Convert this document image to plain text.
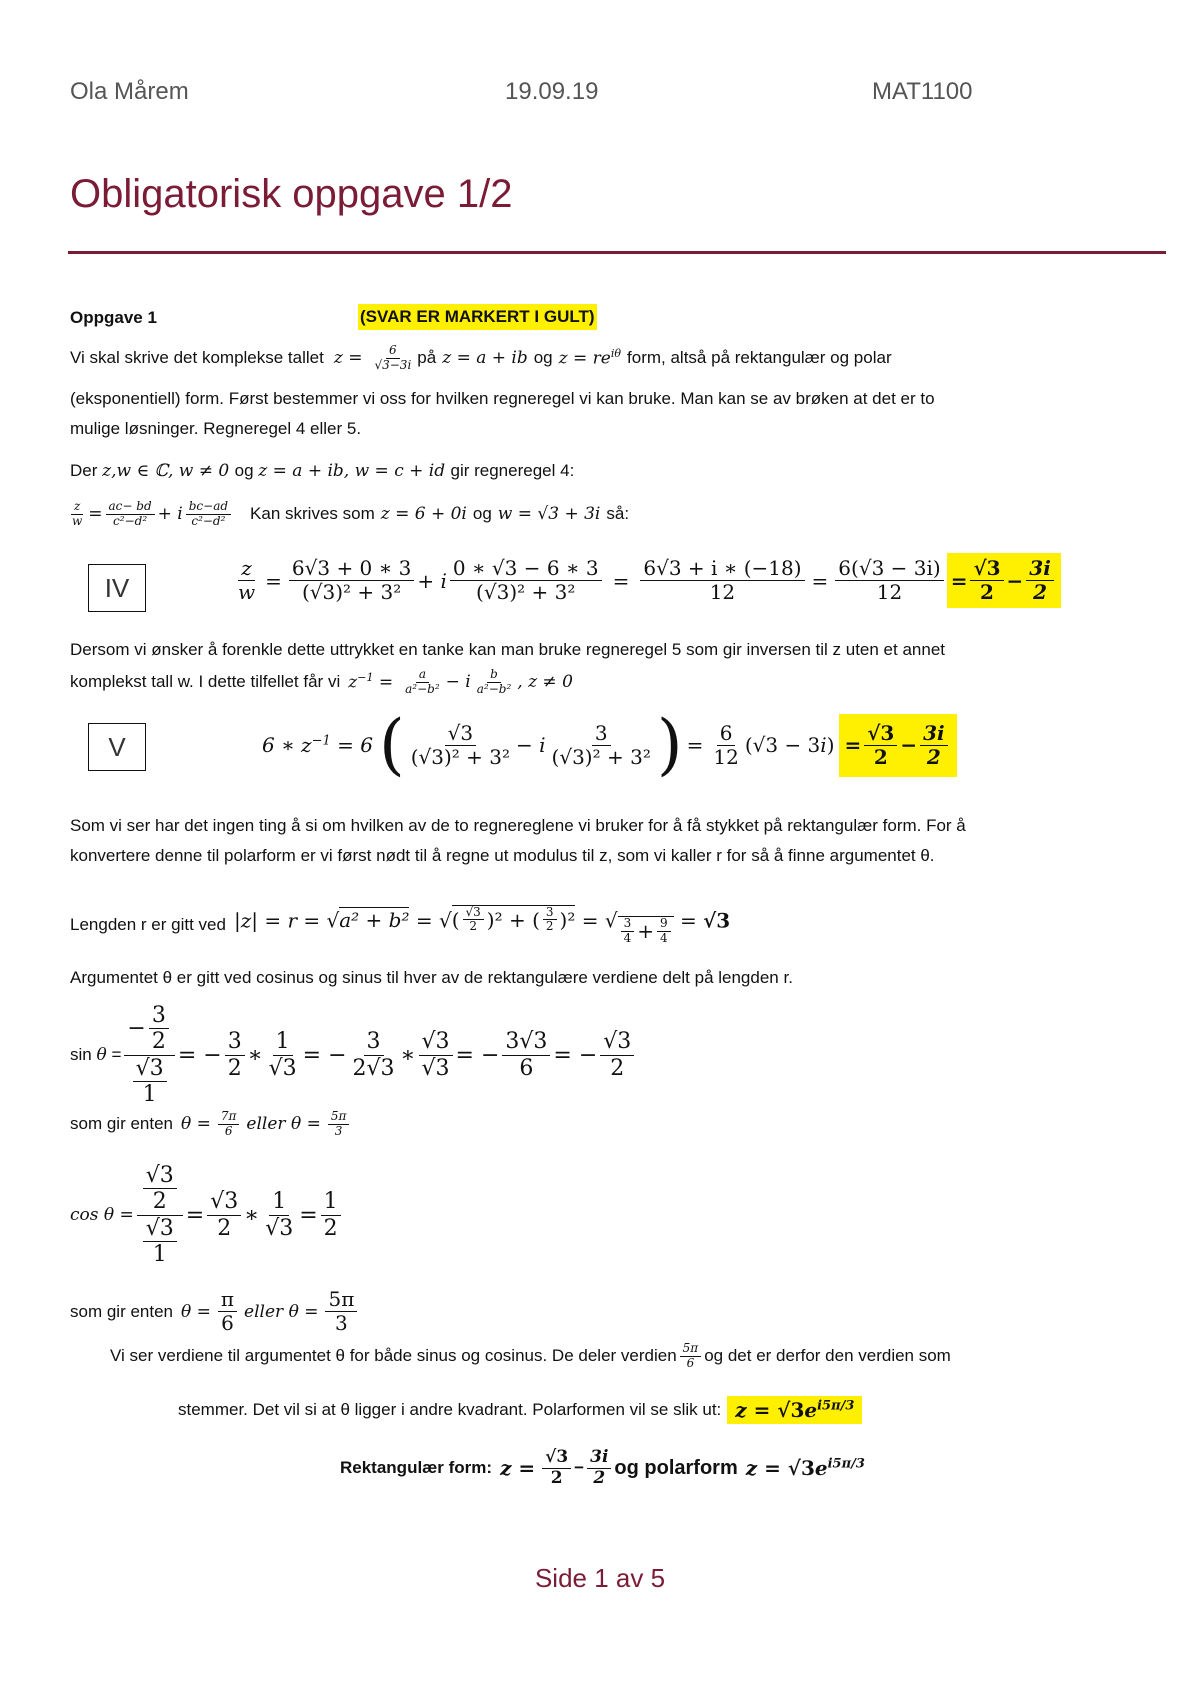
Ola Mårem	19.09.19	MAT1100
Obligatorisk oppgave 1/2
Oppgave 1	(SVAR ER MARKERT I GULT)
Vi skal skrive det komplekse tallet $z = \frac{6}{√3-3i}$ på z = a + ib og $z = re^{i\theta}$ form, altså på rektangulær og polar
(eksponentiell) form. Først bestemmer vi oss for hvilken regneregel vi kan bruke. Man kan se av brøken at det er to
mulige løsninger. Regneregel 4 eller 5.
Der z,w ∈ ℂ, w ≠ 0 og z = a + ib, w = c + id gir regneregel 4:
$\frac{z}{w} = \frac{ac- bd}{\text{c²−d²}} + i \frac{bc-ad}{\text{c²−d²}}$ Kan skrives som z = 6 + 0i og w = √3 + 3i så:
IV	$\frac{z}{w} = \frac{6√3 + 0 ∗ 3}{\text{(√3)² + 3²}} + i \frac{0 ∗ √3 - 6 ∗ 3}{\text{(√3)² + 3²}} = \frac{6√3 + i ∗ (-18)}{12} = \frac{6(√3 - 3i)}{12} = \frac{√3}{2} - \frac{3i}{2}$
Dersom vi ønsker å forenkle dette uttrykket en tanke kan man bruke regneregel 5 som gir inversen til z uten et annet
komplekst tall w. I dette tilfellet får vi $z^{-1} = \frac{a}{\text{a²−b²}} - i \frac{b}{\text{a²−b²}}$ , z ≠ 0
V	6 ∗ $z^{-1} = 6$ ( $\frac{√3}{\text{(√3)² + 3²}} - i \frac{3}{\text{(√3)² + 3²}}$ ) = $\frac{6}{12} (√3 - 3i) = \frac{√3}{2} - \frac{3i}{2}$
Som vi ser har det ingen ting å si om hvilken av de to regnereglene vi bruker for å få stykket på rektangulær form. For å
konvertere denne til polarform er vi først nødt til å regne ut modulus til z, som vi kaller r for så å finne argumentet θ.
Lengden r er gitt ved |z| = r = √a² + b² = √( $\frac{√3}{2} )^2$ + ( $\frac{3}{2} )^2$ = √ $\frac{3}{4} + \frac{9}{4} = √3$
Argumentet θ er gitt ved cosinus og sinus til hver av de rektangulære verdiene delt på lengden r.
$\sin \theta = \frac{- \frac{3}{2}}{\frac{√3}{1}}$ = − $\frac{3}{2}$ ∗ $\frac{1}{√3}$ = − $\frac{3}{2√3}$ ∗ $\frac{√3}{√3}$ = − $\frac{3√3}{6}$ = − $\frac{√3}{2}$
som gir enten $\theta = \frac{7\pi}{6}$ eller $\theta = \frac{5\pi}{3}$
$\cos \theta = \frac{\frac{√3}{2}}{\frac{√3}{1}} = \frac{√3}{2}$ ∗ $\frac{1}{√3} = \frac{1}{2}$
som gir enten $\theta = \frac{\pi}{6}$ eller $\theta = \frac{5\pi}{3}$
Vi ser verdiene til argumentet θ for både sinus og cosinus. De deler verdien $\frac{5\pi}{6}$ og det er derfor den verdien som
stemmer. Det vil si at θ ligger i andre kvadrant. Polarformen vil se slik ut: $z = √3e^{i5\pi/3}$
Rektangulær form: $z = \frac{√3}{2} - \frac{3i}{2}$ og polarform $z = √3e^{i5\pi/3}$
Side 1 av 5
